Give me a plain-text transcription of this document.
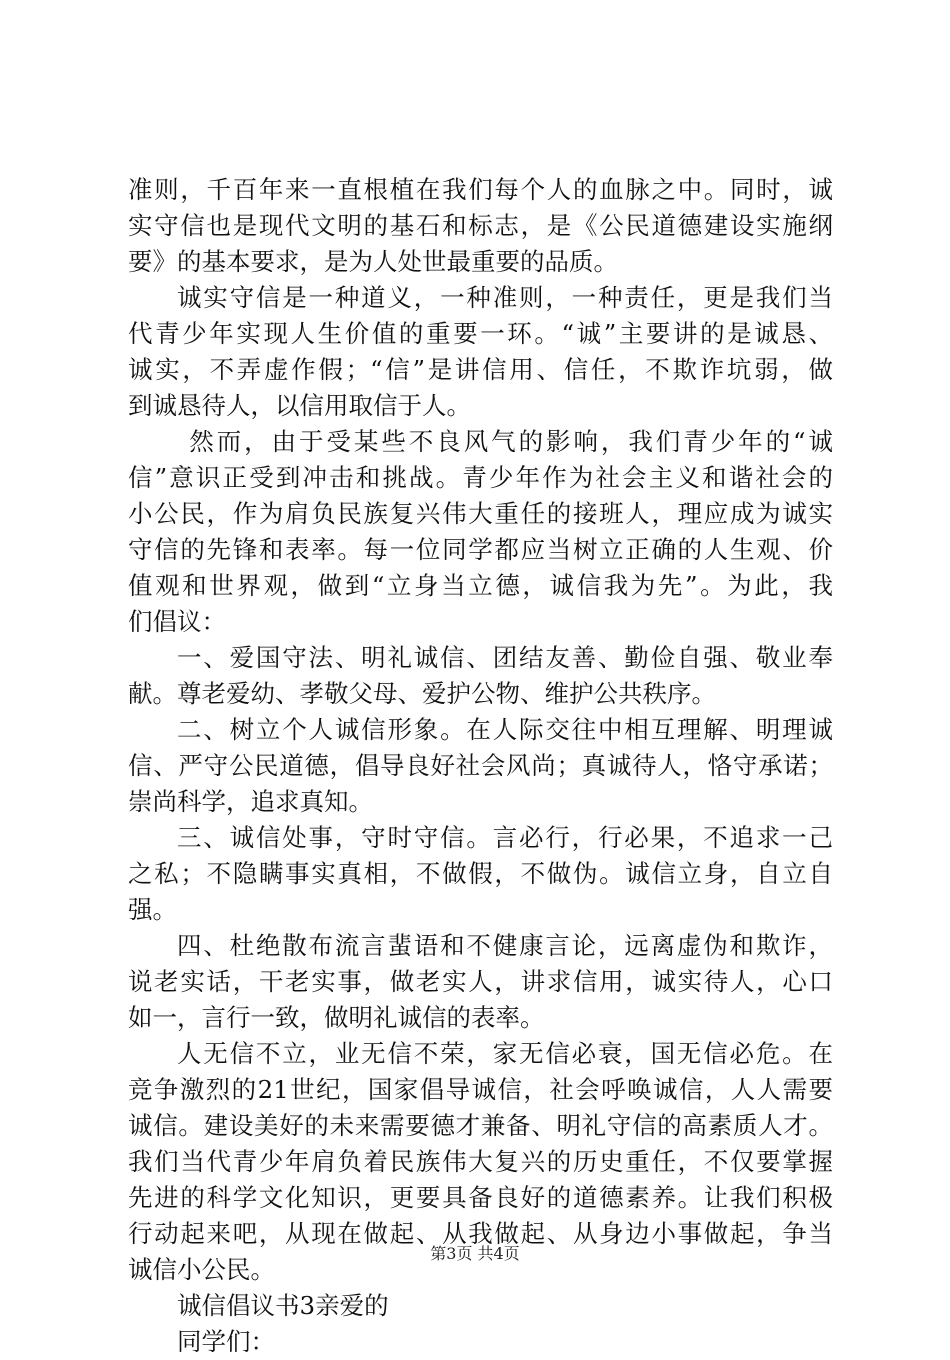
准则，千百年来一直根植在我们每个人的血脉之中。同时，诚
实守信也是现代文明的基石和标志，是《公民道德建设实施纲
要》的基本要求，是为人处世最重要的品质。
诚实守信是一种道义，一种准则，一种责任，更是我们当
代青少年实现人生价值的重要一环。“诚”主要讲的是诚恳、
诚实，不弄虚作假；“信”是讲信用、信任，不欺诈坑弱，做
到诚恳待人，以信用取信于人。
然而，由于受某些不良风气的影响，我们青少年的“诚
信”意识正受到冲击和挑战。青少年作为社会主义和谐社会的
小公民，作为肩负民族复兴伟大重任的接班人，理应成为诚实
守信的先锋和表率。每一位同学都应当树立正确的人生观、价
值观和世界观，做到“立身当立德，诚信我为先”。为此，我
们倡议：
一、爱国守法、明礼诚信、团结友善、勤俭自强、敬业奉
献。尊老爱幼、孝敬父母、爱护公物、维护公共秩序。
二、树立个人诚信形象。在人际交往中相互理解、明理诚
信、严守公民道德，倡导良好社会风尚；真诚待人，恪守承诺；
崇尚科学，追求真知。
三、诚信处事，守时守信。言必行，行必果，不追求一己
之私；不隐瞒事实真相，不做假，不做伪。诚信立身，自立自
强。
四、杜绝散布流言蜚语和不健康言论，远离虚伪和欺诈，
说老实话，干老实事，做老实人，讲求信用，诚实待人，心口
如一，言行一致，做明礼诚信的表率。
人无信不立，业无信不荣，家无信必衰，国无信必危。在
竞争激烈的21世纪，国家倡导诚信，社会呼唤诚信，人人需要
诚信。建设美好的未来需要德才兼备、明礼守信的高素质人才。
我们当代青少年肩负着民族伟大复兴的历史重任，不仅要掌握
先进的科学文化知识，更要具备良好的道德素养。让我们积极
行动起来吧，从现在做起、从我做起、从身边小事做起，争当
诚信小公民。
诚信倡议书3亲爱的
同学们：
第3页 共4页
